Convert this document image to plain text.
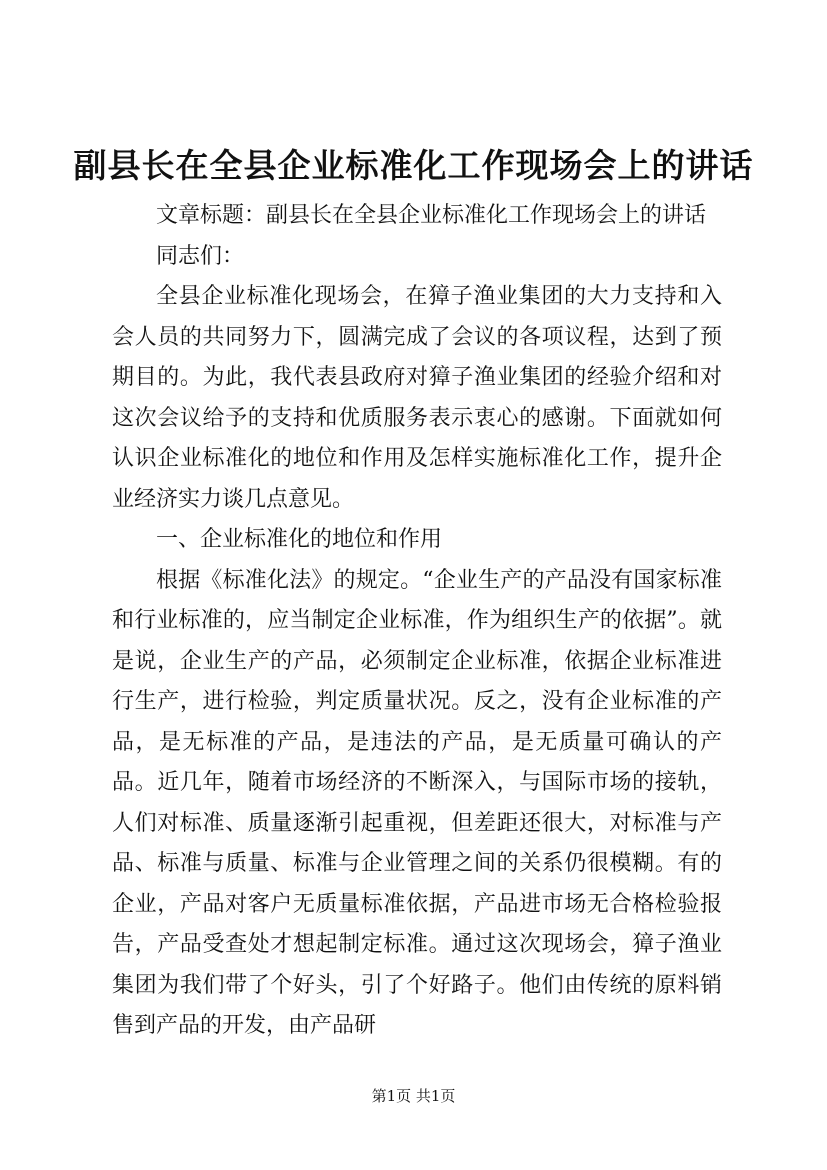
副县长在全县企业标准化工作现场会上的讲话

文章标题：副县长在全县企业标准化工作现场会上的讲话

同志们：

全县企业标准化现场会，在獐子渔业集团的大力支持和入会人员的共同努力下，圆满完成了会议的各项议程，达到了预期目的。为此，我代表县政府对獐子渔业集团的经验介绍和对这次会议给予的支持和优质服务表示衷心的感谢。下面就如何认识企业标准化的地位和作用及怎样实施标准化工作，提升企业经济实力谈几点意见。

一、企业标准化的地位和作用

根据《标准化法》的规定。“企业生产的产品没有国家标准和行业标准的，应当制定企业标准，作为组织生产的依据”。就是说，企业生产的产品，必须制定企业标准，依据企业标准进行生产，进行检验，判定质量状况。反之，没有企业标准的产品，是无标准的产品，是违法的产品，是无质量可确认的产品。近几年，随着市场经济的不断深入，与国际市场的接轨，人们对标准、质量逐渐引起重视，但差距还很大，对标准与产品、标准与质量、标准与企业管理之间的关系仍很模糊。有的企业，产品对客户无质量标准依据，产品进市场无合格检验报告，产品受查处才想起制定标准。通过这次现场会，獐子渔业集团为我们带了个好头，引了个好路子。他们由传统的原料销售到产品的开发，由产品研

第1页 共1页
